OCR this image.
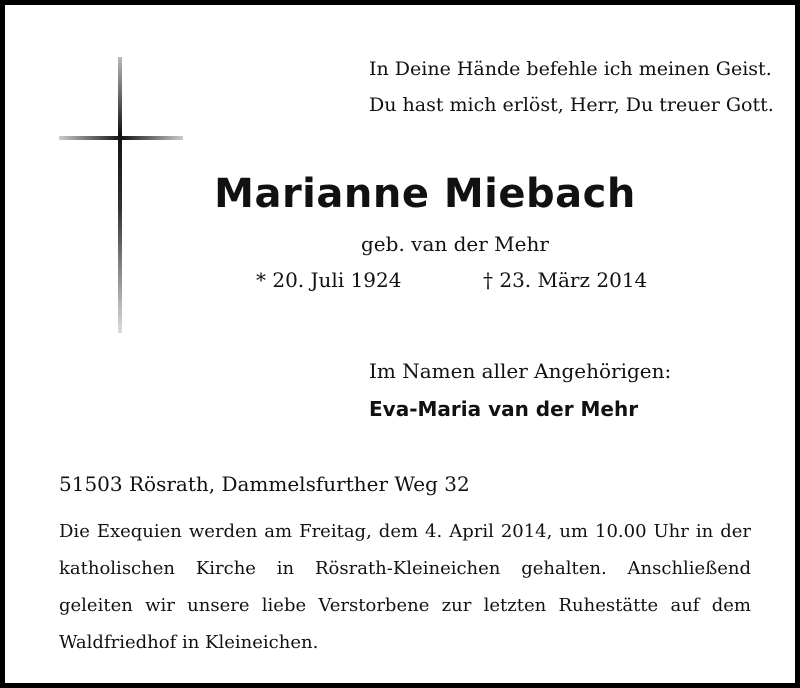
In Deine Hände befehle ich meinen Geist.
Du hast mich erlöst, Herr, Du treuer Gott.
Marianne Miebach
geb. van der Mehr
* 20. Juli 1924	† 23. März 2014
Im Namen aller Angehörigen:
Eva-Maria van der Mehr
51503 Rösrath, Dammelsfurther Weg 32
Die Exequien werden am Freitag, dem 4. April 2014, um 10.00 Uhr in der katholischen Kirche in Rösrath-Kleineichen gehalten. Anschließend geleiten wir unsere liebe Verstorbene zur letzten Ruhestätte auf dem Waldfriedhof in Kleineichen.
